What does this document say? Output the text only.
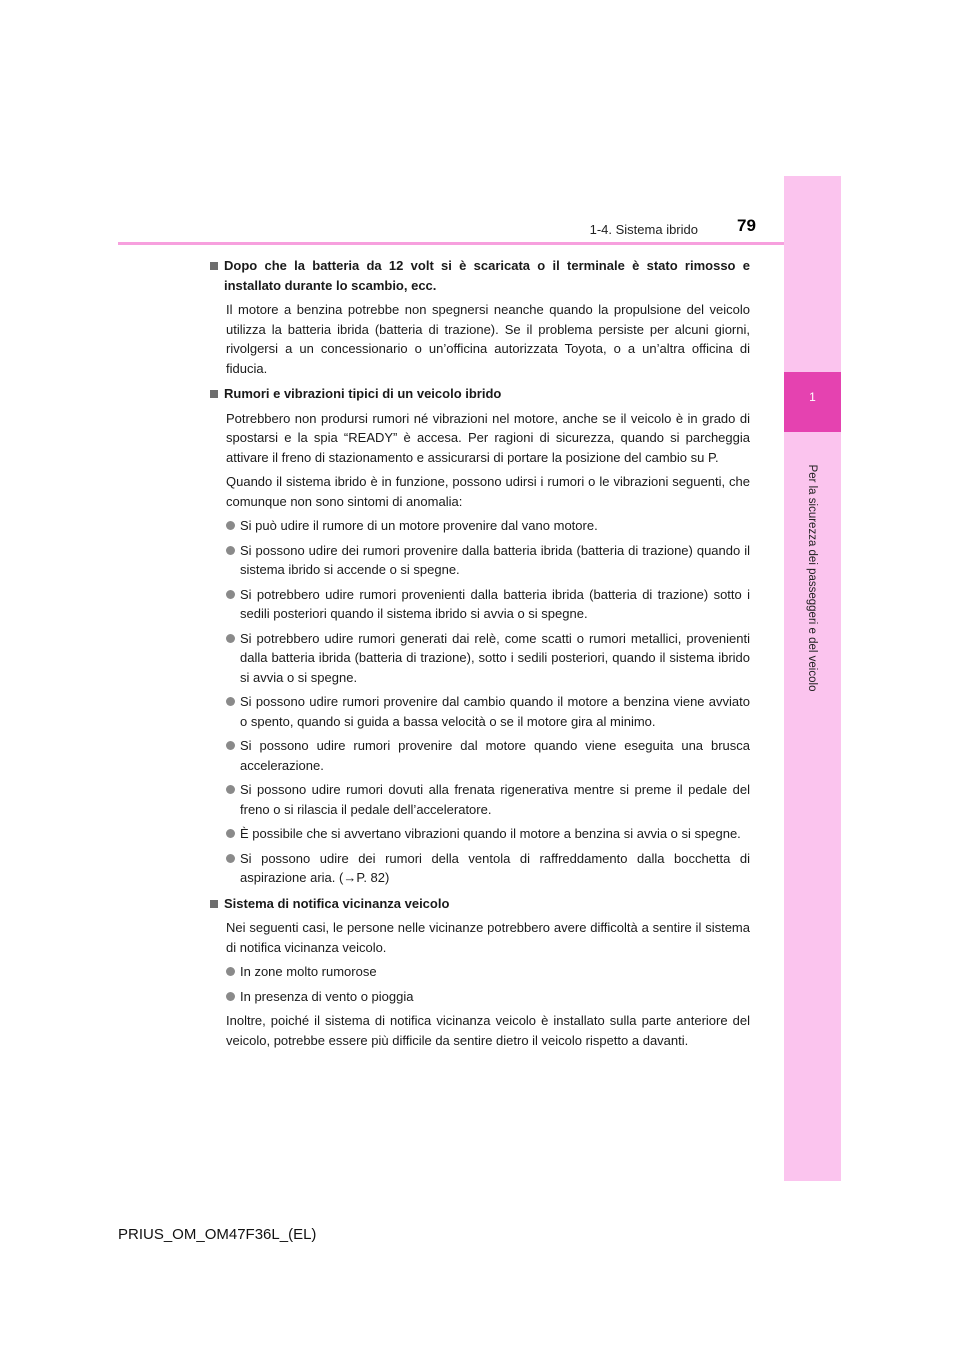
1
Per la sicurezza dei passeggeri e del veicolo
1-4. Sistema ibrido 79
Dopo che la batteria da 12 volt si è scaricata o il terminale è stato rimosso e installato durante lo scambio, ecc.

Il motore a benzina potrebbe non spegnersi neanche quando la propulsione del veicolo utilizza la batteria ibrida (batteria di trazione). Se il problema persiste per alcuni giorni, rivolgersi a un concessionario o un’officina autorizzata Toyota, o a un’altra officina di fiducia.

Rumori e vibrazioni tipici di un veicolo ibrido

Potrebbero non prodursi rumori né vibrazioni nel motore, anche se il veicolo è in grado di spostarsi e la spia “READY” è accesa. Per ragioni di sicurezza, quando si parcheggia attivare il freno di stazionamento e assicurarsi di portare la posizione del cambio su P.

Quando il sistema ibrido è in funzione, possono udirsi i rumori o le vibrazioni seguenti, che comunque non sono sintomi di anomalia:

Si può udire il rumore di un motore provenire dal vano motore.
Si possono udire dei rumori provenire dalla batteria ibrida (batteria di trazione) quando il sistema ibrido si accende o si spegne.
Si potrebbero udire rumori provenienti dalla batteria ibrida (batteria di trazione) sotto i sedili posteriori quando il sistema ibrido si avvia o si spegne.
Si potrebbero udire rumori generati dai relè, come scatti o rumori metallici, provenienti dalla batteria ibrida (batteria di trazione), sotto i sedili posteriori, quando il sistema ibrido si avvia o si spegne.
Si possono udire rumori provenire dal cambio quando il motore a benzina viene avviato o spento, quando si guida a bassa velocità o se il motore gira al minimo.
Si possono udire rumori provenire dal motore quando viene eseguita una brusca accelerazione.
Si possono udire rumori dovuti alla frenata rigenerativa mentre si preme il pedale del freno o si rilascia il pedale dell’acceleratore.
È possibile che si avvertano vibrazioni quando il motore a benzina si avvia o si spegne.
Si possono udire dei rumori della ventola di raffreddamento dalla bocchetta di aspirazione aria. (→P. 82)
Sistema di notifica vicinanza veicolo

Nei seguenti casi, le persone nelle vicinanze potrebbero avere difficoltà a sentire il sistema di notifica vicinanza veicolo.

In zone molto rumorose
In presenza di vento o pioggia

Inoltre, poiché il sistema di notifica vicinanza veicolo è installato sulla parte anteriore del veicolo, potrebbe essere più difficile da sentire dietro il veicolo rispetto a davanti.

PRIUS_OM_OM47F36L_(EL)
